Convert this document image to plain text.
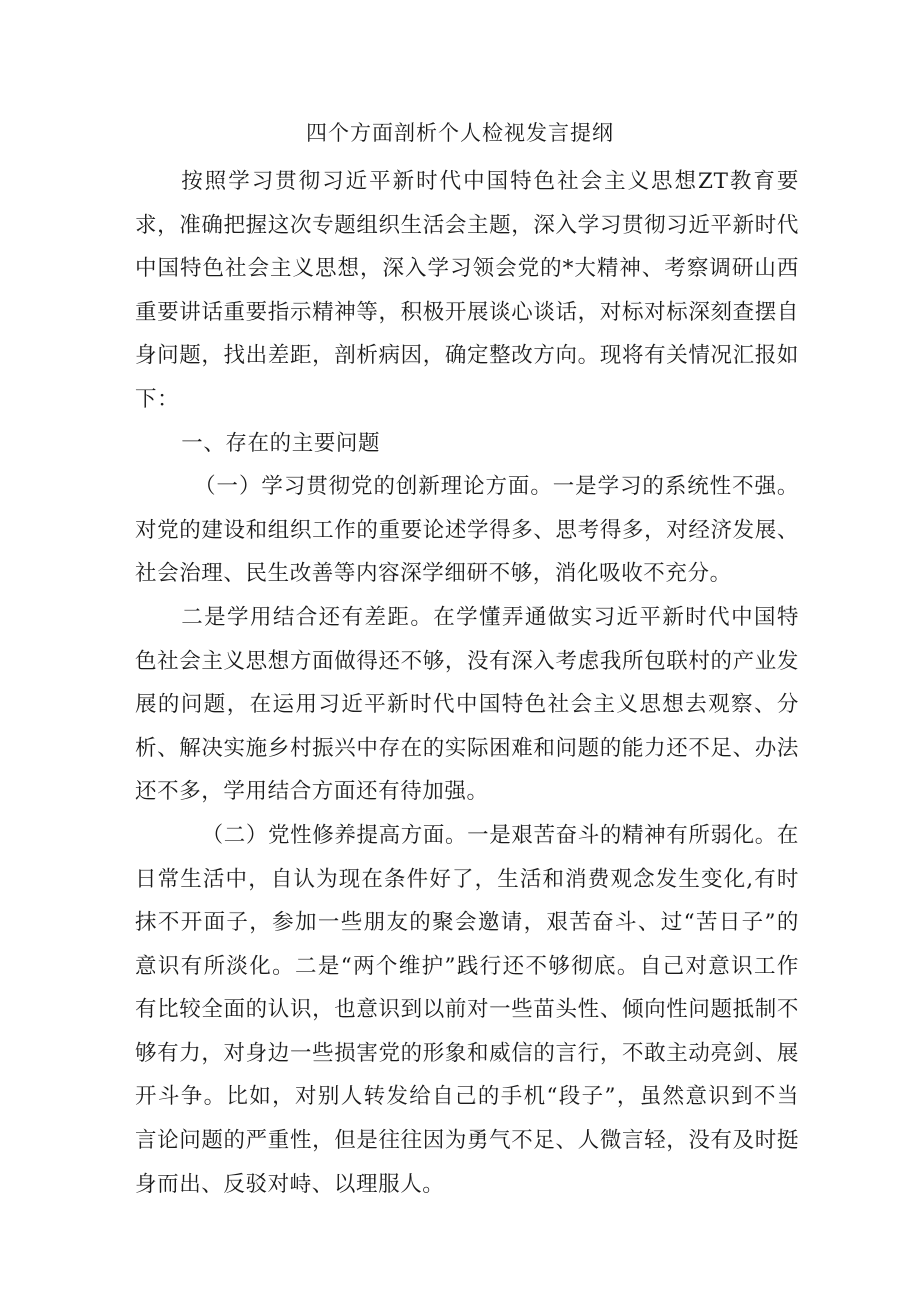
四个方面剖析个人检视发言提纲

按照学习贯彻习近平新时代中国特色社会主义思想ZT教育要求，准确把握这次专题组织生活会主题，深入学习贯彻习近平新时代中国特色社会主义思想，深入学习领会党的*大精神、考察调研山西重要讲话重要指示精神等，积极开展谈心谈话，对标对标深刻查摆自身问题，找出差距，剖析病因，确定整改方向。现将有关情况汇报如下：

一、存在的主要问题

（一）学习贯彻党的创新理论方面。一是学习的系统性不强。对党的建设和组织工作的重要论述学得多、思考得多，对经济发展、社会治理、民生改善等内容深学细研不够，消化吸收不充分。

二是学用结合还有差距。在学懂弄通做实习近平新时代中国特色社会主义思想方面做得还不够，没有深入考虑我所包联村的产业发展的问题，在运用习近平新时代中国特色社会主义思想去观察、分析、解决实施乡村振兴中存在的实际困难和问题的能力还不足、办法还不多，学用结合方面还有待加强。

（二）党性修养提高方面。一是艰苦奋斗的精神有所弱化。在日常生活中，自认为现在条件好了，生活和消费观念发生变化,有时抹不开面子，参加一些朋友的聚会邀请，艰苦奋斗、过“苦日子”的意识有所淡化。二是“两个维护”践行还不够彻底。自己对意识工作有比较全面的认识，也意识到以前对一些苗头性、倾向性问题抵制不够有力，对身边一些损害党的形象和威信的言行，不敢主动亮剑、展开斗争。比如，对别人转发给自己的手机“段子”，虽然意识到不当言论问题的严重性，但是往往因为勇气不足、人微言轻，没有及时挺身而出、反驳对峙、以理服人。
